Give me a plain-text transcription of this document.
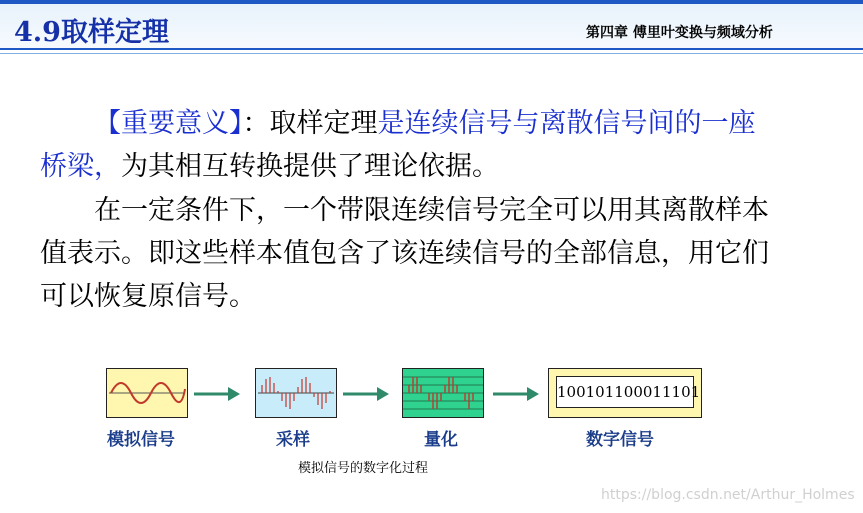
4.9取样定理	第四章 傅里叶变换与频域分析
【重要意义】：取样定理是连续信号与离散信号间的一座桥梁，为其相互转换提供了理论依据。
在一定条件下，一个带限连续信号完全可以用其离散样本值表示。即这些样本值包含了该连续信号的全部信息，用它们可以恢复原信号。
模拟信号	采样	量化
100101100011101
数字信号
模拟信号的数字化过程
https://blog.csdn.net/Arthur_Holmes
